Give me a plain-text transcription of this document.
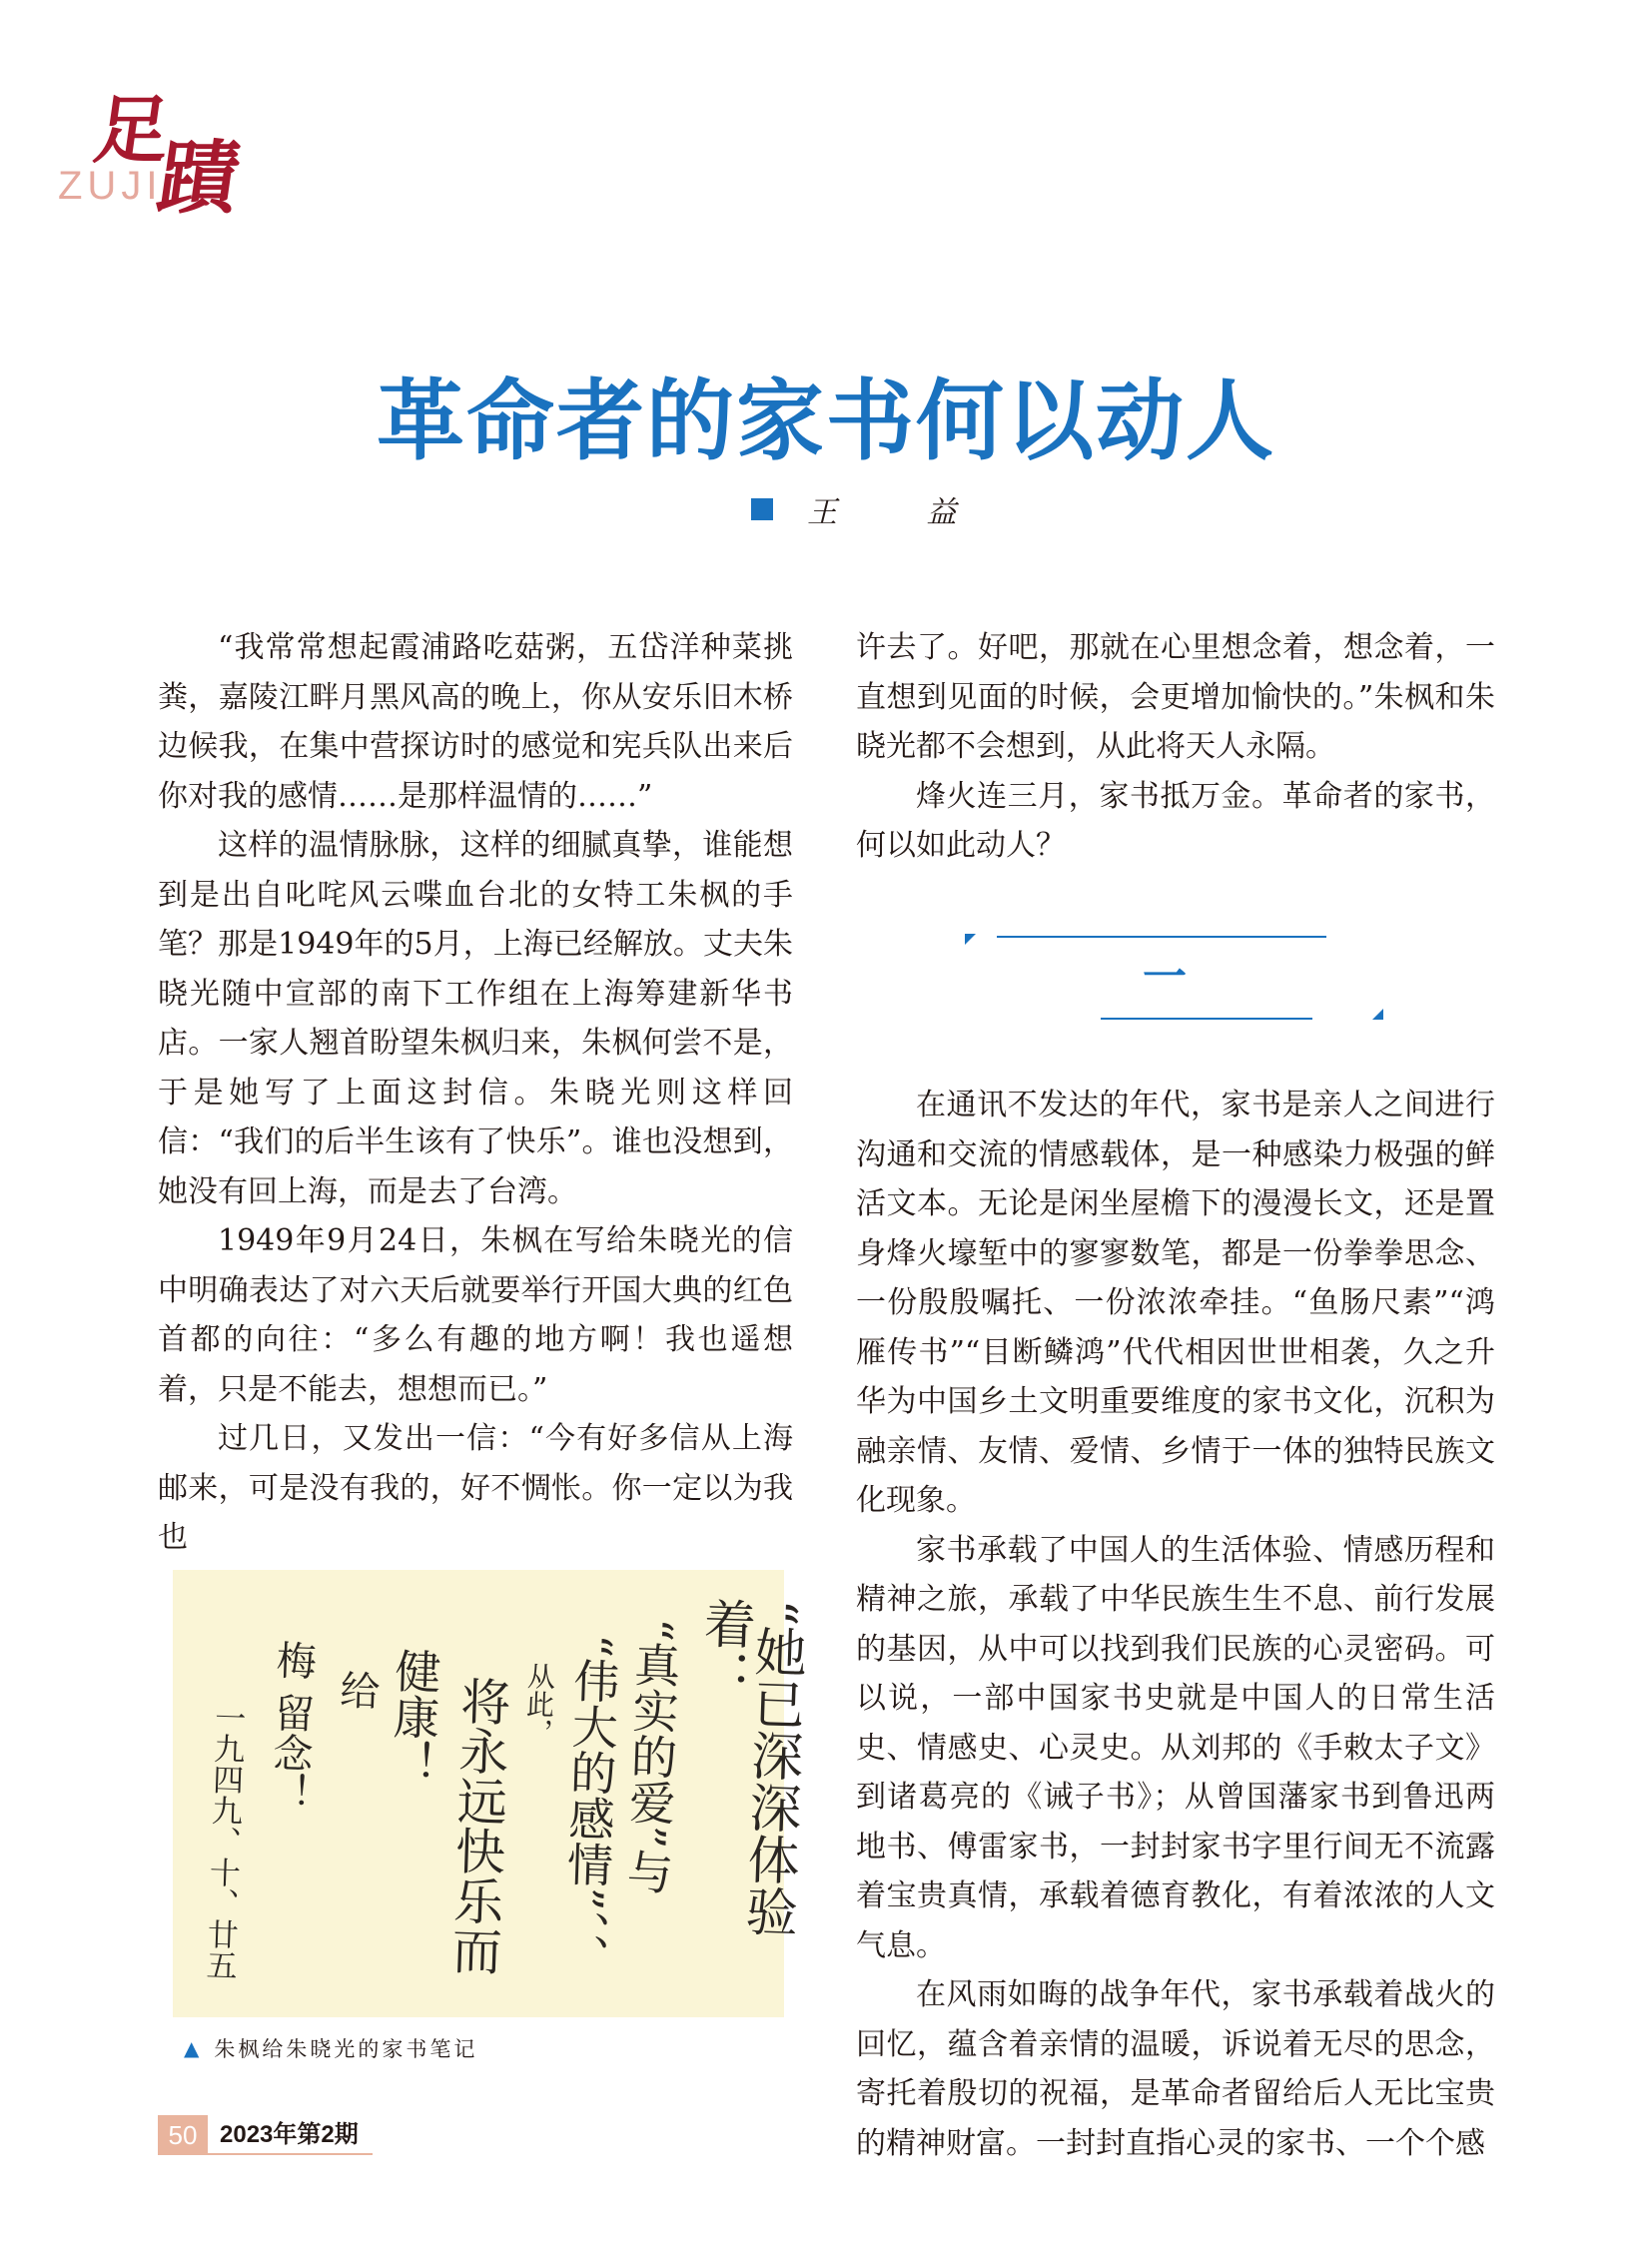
足
蹟
ZUJI
革命者的家书何以动人
王 益

“我常常想起霞浦路吃菇粥，五岱洋种菜挑粪，嘉陵江畔月黑风高的晚上，你从安乐旧木桥边候我，在集中营探访时的感觉和宪兵队出来后你对我的感情……是那样温情的……”

这样的温情脉脉，这样的细腻真挚，谁能想到是出自叱咤风云喋血台北的女特工朱枫的手笔？那是1949年的5月，上海已经解放。丈夫朱晓光随中宣部的南下工作组在上海筹建新华书店。一家人翘首盼望朱枫归来，朱枫何尝不是，于是她写了上面这封信。朱晓光则这样回信：“我们的后半生该有了快乐”。谁也没想到，她没有回上海，而是去了台湾。

1949年9月24日，朱枫在写给朱晓光的信中明确表达了对六天后就要举行开国大典的红色首都的向往：“多么有趣的地方啊！我也遥想着，只是不能去，想想而已。”

过几日，又发出一信：“今有好多信从上海邮来，可是没有我的，好不惆怅。你一定以为我也

许去了。好吧，那就在心里想念着，想念着，一直想到见面的时候，会更增加愉快的。”朱枫和朱晓光都不会想到，从此将天人永隔。

烽火连三月，家书抵万金。革命者的家书，何以如此动人？

一

在通讯不发达的年代，家书是亲人之间进行沟通和交流的情感载体，是一种感染力极强的鲜活文本。无论是闲坐屋檐下的漫漫长文，还是置身烽火壕堑中的寥寥数笔，都是一份拳拳思念、一份殷殷嘱托、一份浓浓牵挂。“鱼肠尺素”“鸿雁传书”“目断鳞鸿”代代相因世世相袭，久之升华为中国乡土文明重要维度的家书文化，沉积为融亲情、友情、爱情、乡情于一体的独特民族文化现象。

家书承载了中国人的生活体验、情感历程和精神之旅，承载了中华民族生生不息、前行发展的基因，从中可以找到我们民族的心灵密码。可以说，一部中国家书史就是中国人的日常生活史、情感史、心灵史。从刘邦的《手敕太子文》到诸葛亮的《诫子书》；从曾国藩家书到鲁迅两地书、傅雷家书，一封封家书字里行间无不流露着宝贵真情，承载着德育教化，有着浓浓的人文气息。

在风雨如晦的战争年代，家书承载着战火的回忆，蕴含着亲情的温暖，诉说着无尽的思念，寄托着殷切的祝福，是革命者留给后人无比宝贵的精神财富。一封封直指心灵的家书、一个个感

“她已深深体验着：
“真实的爱”与
“伟大的感情”、、
从此，
将永远快乐而
健康！
给
梅 留念！
一九四九、十、廿五
▲ 朱枫给朱晓光的家书笔记
50 2023年第2期
